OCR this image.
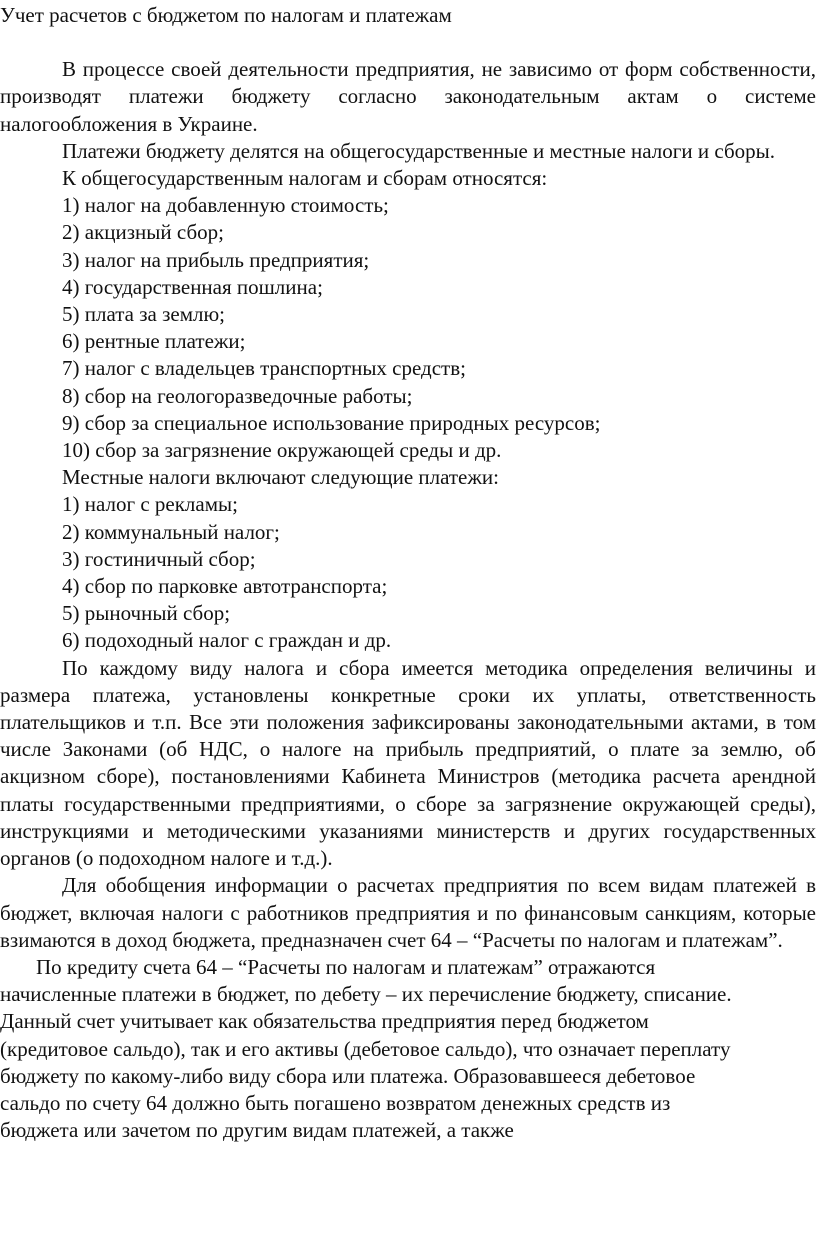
Учет расчетов с бюджетом по налогам и платежам

В процессе своей деятельности предприятия, не зависимо от форм собственности, производят платежи бюджету согласно законодательным актам о системе налогообложения в Украине.

Платежи бюджету делятся на общегосударственные и местные налоги и сборы.

К общегосударственным налогам и сборам относятся:

1) налог на добавленную стоимость;

2) акцизный сбор;

3) налог на прибыль предприятия;

4) государственная пошлина;

5) плата за землю;

6) рентные платежи;

7) налог с владельцев транспортных средств;

8) сбор на геологоразведочные работы;

9) сбор за специальное использование природных ресурсов;

10) сбор за загрязнение окружающей среды и др.

Местные налоги включают следующие платежи:

1) налог с рекламы;

2) коммунальный налог;

3) гостиничный сбор;

4) сбор по парковке автотранспорта;

5) рыночный сбор;

6) подоходный налог с граждан и др.

По каждому виду налога и сбора имеется методика определения величины и размера платежа, установлены конкретные сроки их уплаты, ответственность плательщиков и т.п. Все эти положения зафиксированы законодательными актами, в том числе Законами (об НДС, о налоге на прибыль предприятий, о плате за землю, об акцизном сборе), постановлениями Кабинета Министров (методика расчета арендной платы государственными предприятиями, о сборе за загрязнение окружающей среды), инструкциями и методическими указаниями министерств и других государственных органов (о подоходном налоге и т.д.).

Для обобщения информации о расчетах предприятия по всем видам платежей в бюджет, включая налоги с работников предприятия и по финансовым санкциям, которые взимаются в доход бюджета, предназначен счет 64 – “Расчеты по налогам и платежам”.

По кредиту счета 64 – “Расчеты по налогам и платежам” отражаются начисленные платежи в бюджет, по дебету – их перечисление бюджету, списание. Данный счет учитывает как обязательства предприятия перед бюджетом (кредитовое сальдо), так и его активы (дебетовое сальдо), что означает переплату бюджету по какому-либо виду сбора или платежа. Образовавшееся дебетовое сальдо по счету 64 должно быть погашено возвратом денежных средств из бюджета или зачетом по другим видам платежей, а также
